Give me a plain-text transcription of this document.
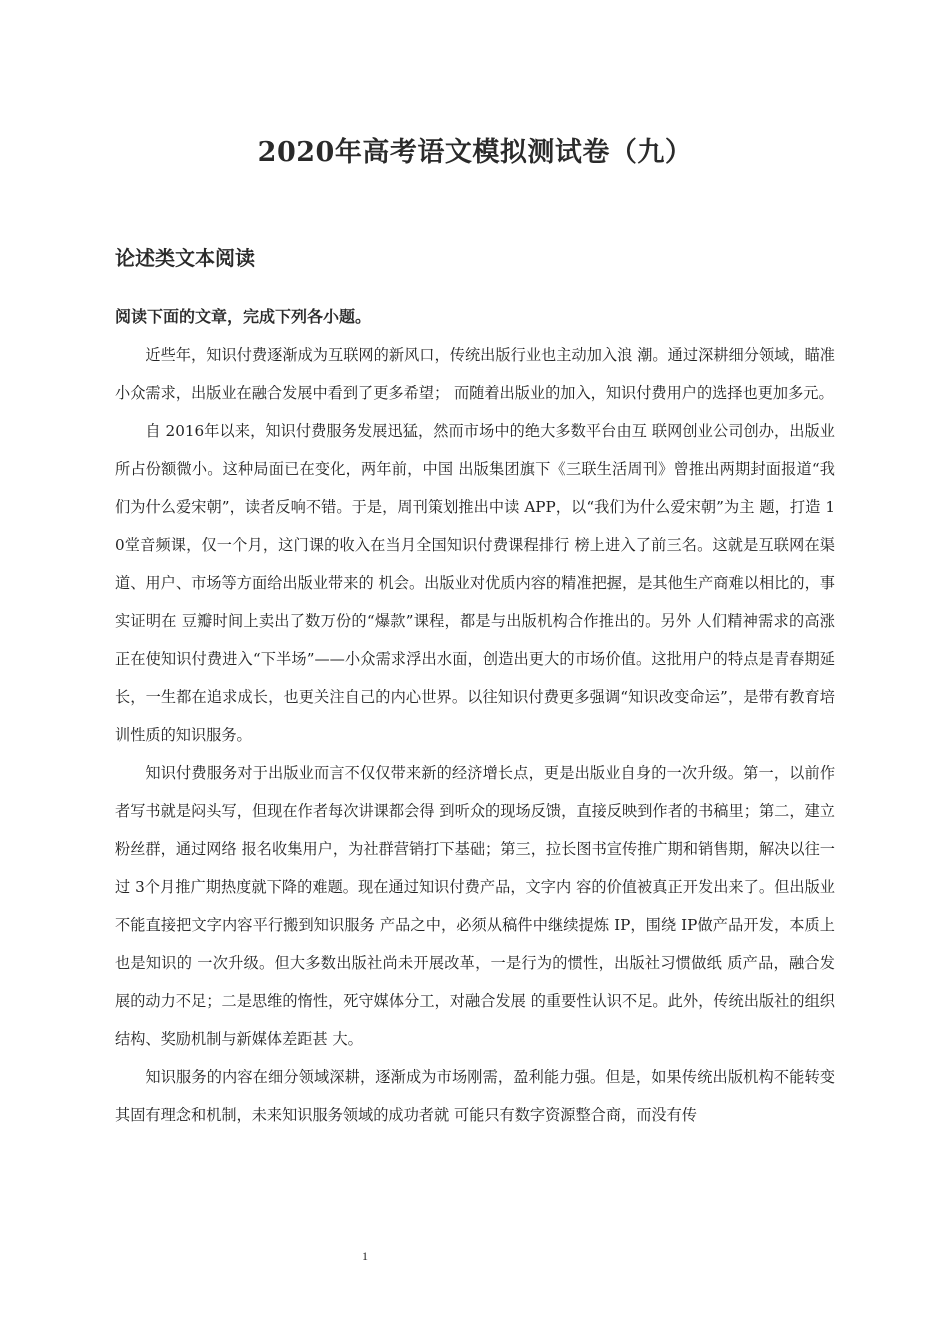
2020年高考语文模拟测试卷（九）
论述类文本阅读

阅读下面的文章，完成下列各小题。

近些年，知识付费逐渐成为互联网的新风口，传统出版行业也主动加入浪 潮。通过深耕细分领域，瞄准小众需求，出版业在融合发展中看到了更多希望； 而随着出版业的加入，知识付费用户的选择也更加多元。

自 2016年以来，知识付费服务发展迅猛，然而市场中的绝大多数平台由互 联网创业公司创办，出版业所占份额微小。这种局面已在变化，两年前，中国 出版集团旗下《三联生活周刊》曾推出两期封面报道“我们为什么爱宋朝”，读者反响不错。于是，周刊策划推出中读 APP，以“我们为什么爱宋朝”为主 题，打造 10堂音频课，仅一个月，这门课的收入在当月全国知识付费课程排行 榜上进入了前三名。这就是互联网在渠道、用户、市场等方面给出版业带来的 机会。出版业对优质内容的精准把握，是其他生产商难以相比的，事实证明在 豆瓣时间上卖出了数万份的“爆款”课程，都是与出版机构合作推出的。另外 人们精神需求的高涨正在使知识付费进入“下半场”——小众需求浮出水面，创造出更大的市场价值。这批用户的特点是青春期延长，一生都在追求成长，也更关注自己的内心世界。以往知识付费更多强调“知识改变命运”，是带有教育培训性质的知识服务。

知识付费服务对于出版业而言不仅仅带来新的经济增长点，更是出版业自身的一次升级。第一，以前作者写书就是闷头写，但现在作者每次讲课都会得 到听众的现场反馈，直接反映到作者的书稿里；第二，建立粉丝群，通过网络 报名收集用户，为社群营销打下基础；第三，拉长图书宣传推广期和销售期，解决以往一过 3个月推广期热度就下降的难题。现在通过知识付费产品，文字内 容的价值被真正开发出来了。但出版业不能直接把文字内容平行搬到知识服务 产品之中，必须从稿件中继续提炼 IP，围绕 IP做产品开发，本质上也是知识的 一次升级。但大多数出版社尚未开展改革，一是行为的惯性，出版社习惯做纸 质产品，融合发展的动力不足；二是思维的惰性，死守媒体分工，对融合发展 的重要性认识不足。此外，传统出版社的组织结构、奖励机制与新媒体差距甚 大。

知识服务的内容在细分领域深耕，逐渐成为市场刚需，盈利能力强。但是，如果传统出版机构不能转变其固有理念和机制，未来知识服务领域的成功者就 可能只有数字资源整合商，而没有传

1
